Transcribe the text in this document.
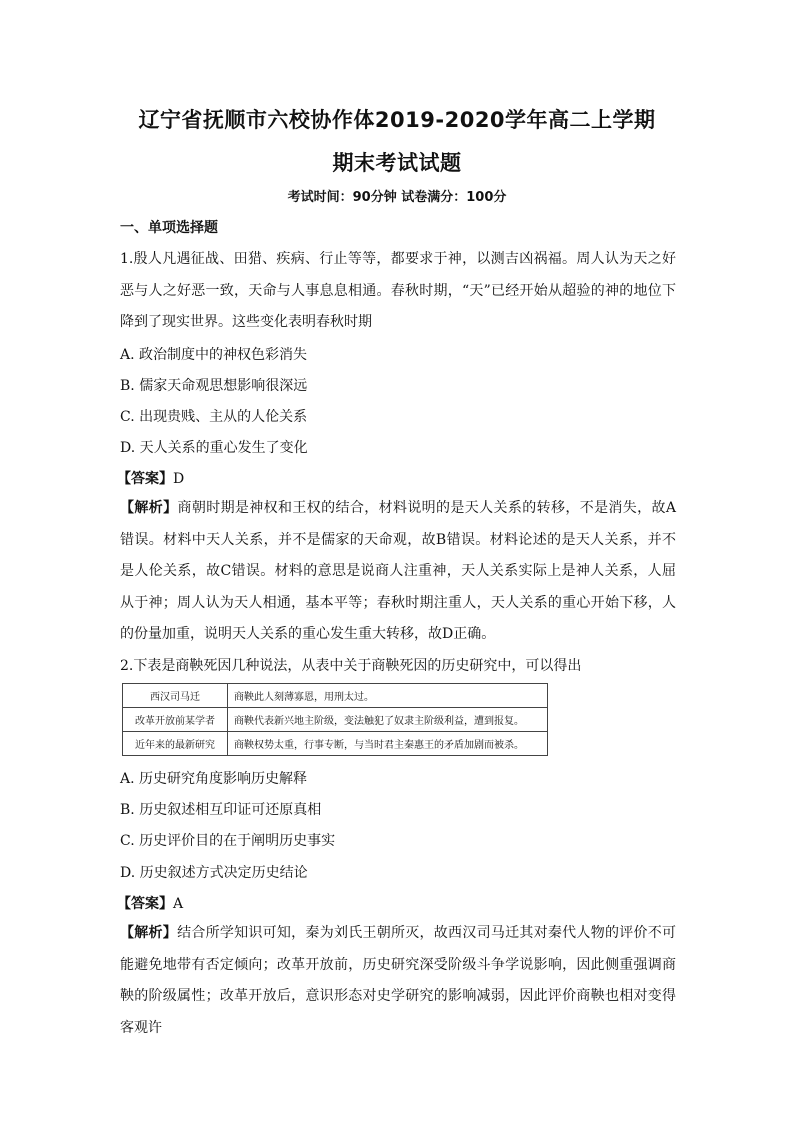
辽宁省抚顺市六校协作体2019-2020学年高二上学期
期末考试试题
考试时间：90分钟 试卷满分：100分
一、单项选择题
1.殷人凡遇征战、田猎、疾病、行止等等，都要求于神，以测吉凶祸福。周人认为天之好恶与人之好恶一致，天命与人事息息相通。春秋时期，“天”已经开始从超验的神的地位下降到了现实世界。这些变化表明春秋时期
A. 政治制度中的神权色彩消失
B. 儒家天命观思想影响很深远
C. 出现贵贱、主从的人伦关系
D. 天人关系的重心发生了变化
【答案】D
【解析】商朝时期是神权和王权的结合，材料说明的是天人关系的转移，不是消失，故A错误。材料中天人关系，并不是儒家的天命观，故B错误。材料论述的是天人关系，并不是人伦关系，故C错误。材料的意思是说商人注重神，天人关系实际上是神人关系，人屈从于神；周人认为天人相通，基本平等；春秋时期注重人，天人关系的重心开始下移，人的份量加重，说明天人关系的重心发生重大转移，故D正确。
2.下表是商鞅死因几种说法，从表中关于商鞅死因的历史研究中，可以得出
西汉司马迁	商鞅此人刻薄寡恩，用刑太过。
改革开放前某学者	商鞅代表新兴地主阶级，变法触犯了奴隶主阶级利益，遭到报复。
近年来的最新研究	商鞅权势太重，行事专断，与当时君主秦惠王的矛盾加剧而被杀。
A. 历史研究角度影响历史解释
B. 历史叙述相互印证可还原真相
C. 历史评价目的在于阐明历史事实
D. 历史叙述方式决定历史结论
【答案】A
【解析】结合所学知识可知，秦为刘氏王朝所灭，故西汉司马迁其对秦代人物的评价不可能避免地带有否定倾向；改革开放前，历史研究深受阶级斗争学说影响，因此侧重强调商鞅的阶级属性；改革开放后，意识形态对史学研究的影响减弱，因此评价商鞅也相对变得客观许
